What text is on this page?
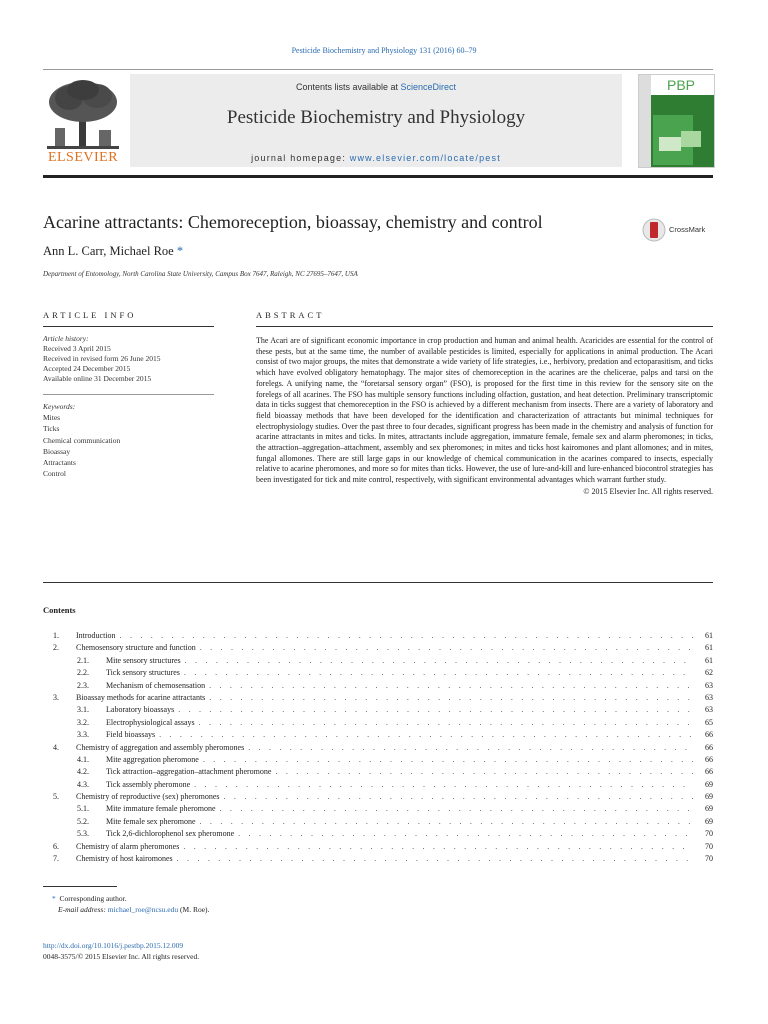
Pesticide Biochemistry and Physiology 131 (2016) 60–79
ELSEVIER
Contents lists available at ScienceDirect
Pesticide Biochemistry and Physiology
journal homepage: www.elsevier.com/locate/pest
PBP
Acarine attractants: Chemoreception, bioassay, chemistry and control	CrossMark
Ann L. Carr, Michael Roe *
Department of Entomology, North Carolina State University, Campus Box 7647, Raleigh, NC 27695–7647, USA
ARTICLE INFO
Article history:
Received 3 April 2015
Received in revised form 26 June 2015
Accepted 24 December 2015
Available online 31 December 2015
Keywords:
Mites
Ticks
Chemical communication
Bioassay
Attractants
Control
ABSTRACT
The Acari are of significant economic importance in crop production and human and animal health. Acaricides are essential for the control of these pests, but at the same time, the number of available pesticides is limited, especially for applications in animal production. The Acari consist of two major groups, the mites that demonstrate a wide variety of life strategies, i.e., herbivory, predation and ectoparasitism, and ticks which have evolved obligatory hematophagy. The major sites of chemoreception in the acarines are the chelicerae, palps and tarsi on the forelegs. A unifying name, the “foretarsal sensory organ” (FSO), is proposed for the first time in this review for the sensory site on the forelegs of all acarines. The FSO has multiple sensory functions including olfaction, gustation, and heat detection. Preliminary transcriptomic data in ticks suggest that chemoreception in the FSO is achieved by a different mechanism from insects. There are a variety of laboratory and field bioassay methods that have been developed for the identification and characterization of attractants but minimal techniques for electrophysiology studies. Over the past three to four decades, significant progress has been made in the chemistry and analysis of function for acarine attractants in mites and ticks. In mites, attractants include aggregation, immature female, female sex and alarm pheromones; in ticks, the attraction–aggregation–attachment, assembly and sex pheromones; in mites and ticks host kairomones and plant allomones; and in mites, fungal allomones. There are still large gaps in our knowledge of chemical communication in the acarines compared to insects, especially relative to acarine pheromones, and more so for mites than ticks. However, the use of lure-and-kill and lure-enhanced biocontrol strategies has been investigated for tick and mite control, respectively, with significant environmental advantages which warrant further study.
© 2015 Elsevier Inc. All rights reserved.
Contents
1.	Introduction . . .	61
2.	Chemosensory structure and function . . .	61
2.1.	Mite sensory structures . . .	61
2.2.	Tick sensory structures . . .	62
2.3.	Mechanism of chemosensation . . .	63
3.	Bioassay methods for acarine attractants . . .	63
3.1.	Laboratory bioassays . . .	63
3.2.	Electrophysiological assays . . .	65
3.3.	Field bioassays . . .	66
4.	Chemistry of aggregation and assembly pheromones . . .	66
4.1.	Mite aggregation pheromone . . .	66
4.2.	Tick attraction–aggregation–attachment pheromone . . .	66
4.3.	Tick assembly pheromone . . .	69
5.	Chemistry of reproductive (sex) pheromones . . .	69
5.1.	Mite immature female pheromone . . .	69
5.2.	Mite female sex pheromone . . .	69
5.3.	Tick 2,6-dichlorophenol sex pheromone . . .	70
6.	Chemistry of alarm pheromones . . .	70
7.	Chemistry of host kairomones . . .	70
* Corresponding author.
E-mail address: michael_roe@ncsu.edu (M. Roe).
http://dx.doi.org/10.1016/j.pestbp.2015.12.009
0048-3575/© 2015 Elsevier Inc. All rights reserved.
